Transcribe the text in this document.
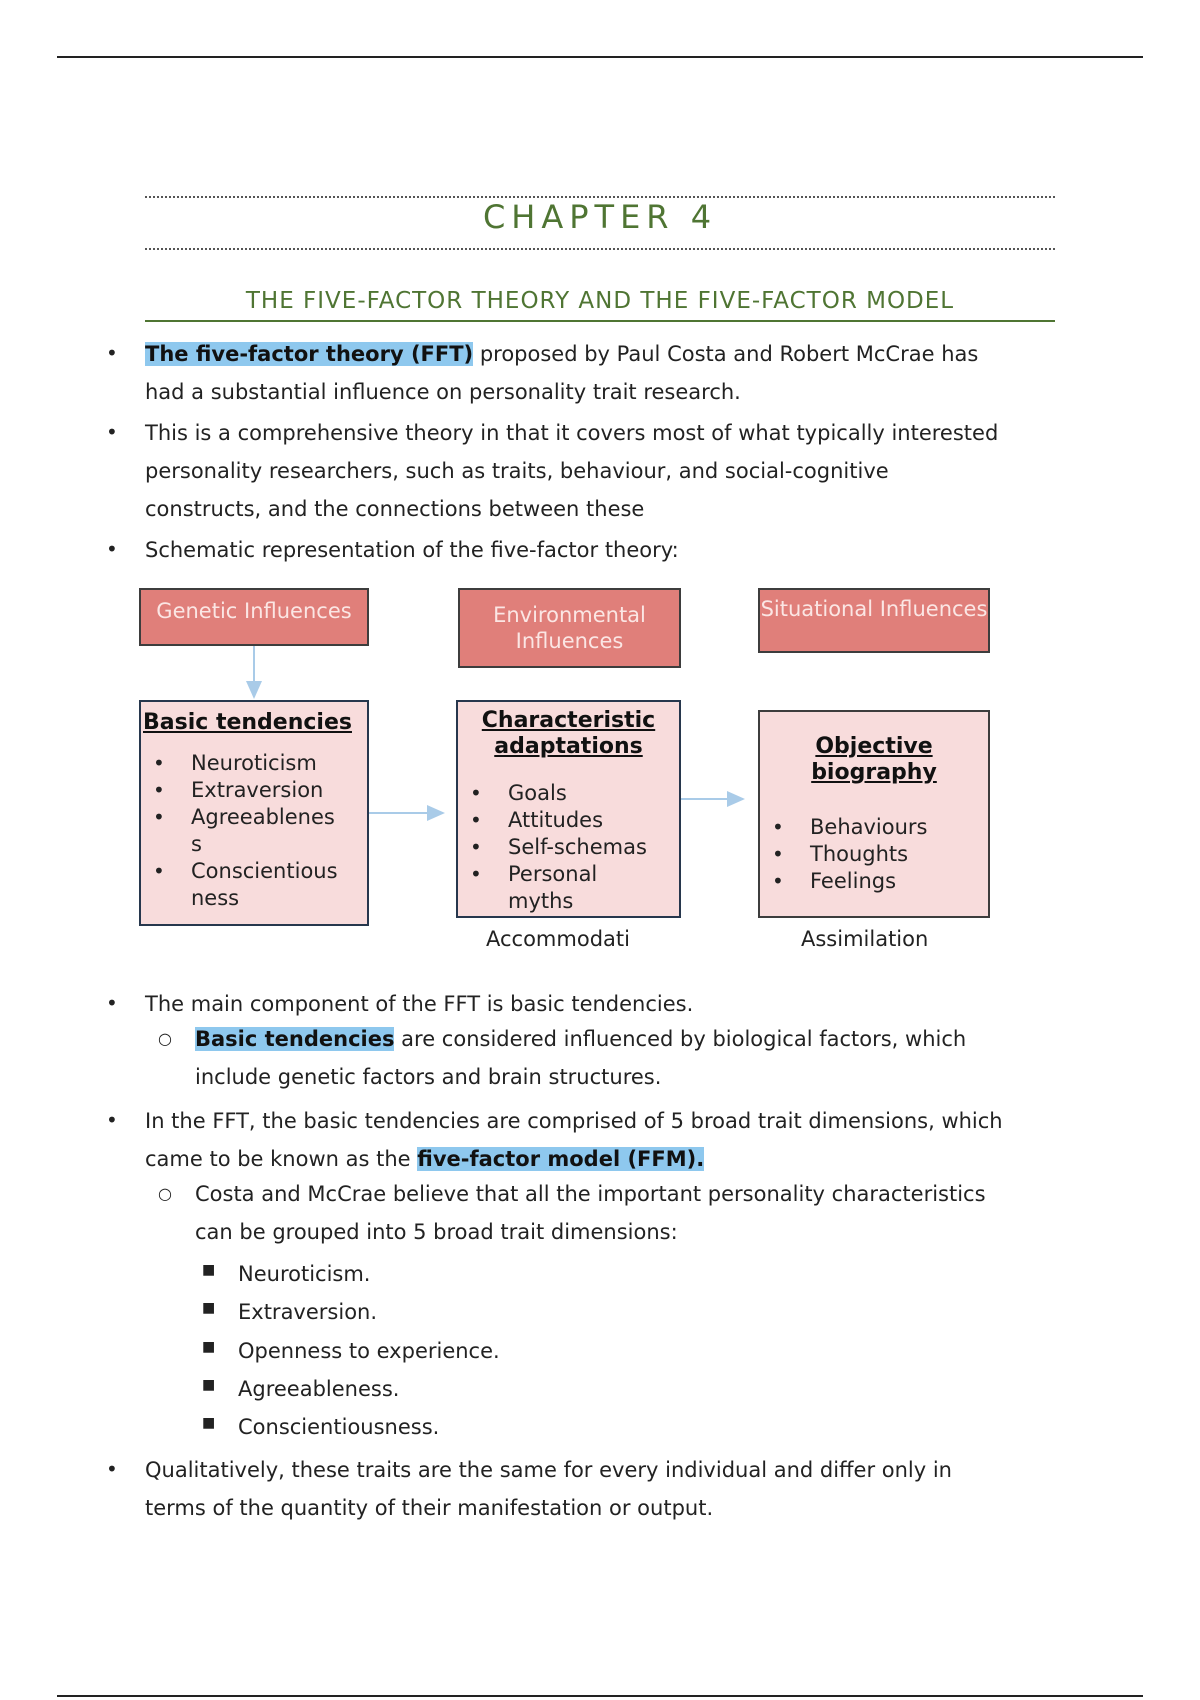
CHAPTER 4
THE FIVE-FACTOR THEORY AND THE FIVE-FACTOR MODEL
• The five-factor theory (FFT) proposed by Paul Costa and Robert McCrae has
had a substantial influence on personality trait research.
• This is a comprehensive theory in that it covers most of what typically interested
personality researchers, such as traits, behaviour, and social-cognitive
constructs, and the connections between these
• Schematic representation of the five-factor theory:
Genetic Influences	Environmental Influences
Situational Influences
Basic tendencies
• Neuroticism
• Extraversion
• Agreeablenes s
• Conscientious ness
Characteristic adaptations
• Goals
• Attitudes
• Self-schemas
• Personal myths
Objective biography
• Behaviours
• Thoughts
• Feelings
Accommodati	Assimilation
• The main component of the FFT is basic tendencies.
○ Basic tendencies are considered influenced by biological factors, which
include genetic factors and brain structures.
• In the FFT, the basic tendencies are comprised of 5 broad trait dimensions, which
came to be known as the five-factor model (FFM).
○ Costa and McCrae believe that all the important personality characteristics
can be grouped into 5 broad trait dimensions:
■ Neuroticism.
■ Extraversion.
■ Openness to experience.
■ Agreeableness.
■ Conscientiousness.
• Qualitatively, these traits are the same for every individual and differ only in
terms of the quantity of their manifestation or output.
